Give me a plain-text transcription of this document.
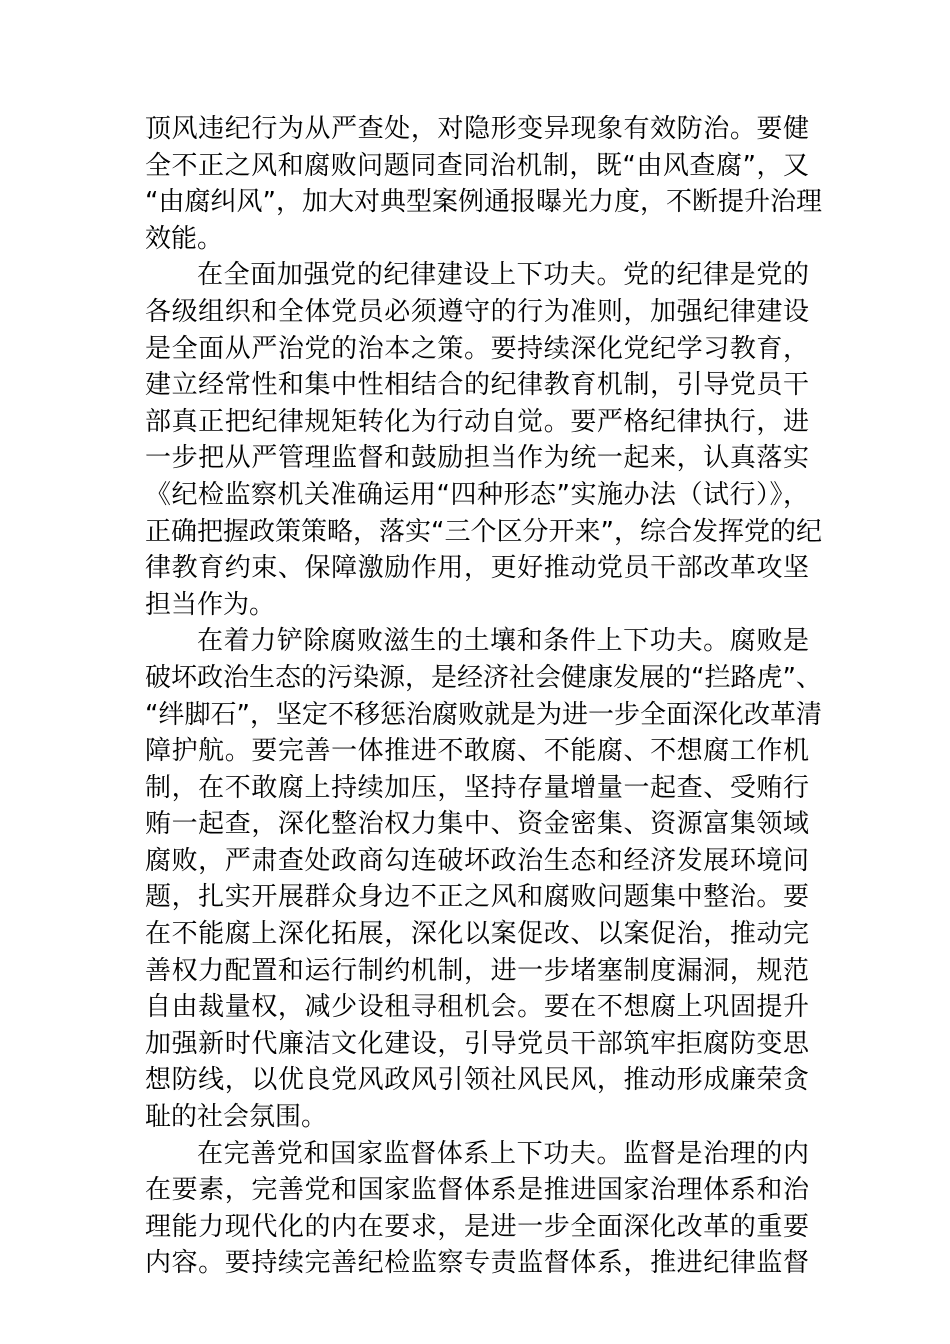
顶风违纪行为从严查处，对隐形变异现象有效防治。要健
全不正之风和腐败问题同查同治机制，既“由风查腐”，又
“由腐纠风”，加大对典型案例通报曝光力度，不断提升治理
效能。
在全面加强党的纪律建设上下功夫。党的纪律是党的
各级组织和全体党员必须遵守的行为准则，加强纪律建设
是全面从严治党的治本之策。要持续深化党纪学习教育，
建立经常性和集中性相结合的纪律教育机制，引导党员干
部真正把纪律规矩转化为行动自觉。要严格纪律执行，进
一步把从严管理监督和鼓励担当作为统一起来，认真落实
《纪检监察机关准确运用“四种形态”实施办法（试行）》，
正确把握政策策略，落实“三个区分开来”，综合发挥党的纪
律教育约束、保障激励作用，更好推动党员干部改革攻坚
担当作为。
在着力铲除腐败滋生的土壤和条件上下功夫。腐败是
破坏政治生态的污染源，是经济社会健康发展的“拦路虎”、
“绊脚石”，坚定不移惩治腐败就是为进一步全面深化改革清
障护航。要完善一体推进不敢腐、不能腐、不想腐工作机
制，在不敢腐上持续加压，坚持存量增量一起查、受贿行
贿一起查，深化整治权力集中、资金密集、资源富集领域
腐败，严肃查处政商勾连破坏政治生态和经济发展环境问
题，扎实开展群众身边不正之风和腐败问题集中整治。要
在不能腐上深化拓展，深化以案促改、以案促治，推动完
善权力配置和运行制约机制，进一步堵塞制度漏洞，规范
自由裁量权，减少设租寻租机会。要在不想腐上巩固提升
加强新时代廉洁文化建设，引导党员干部筑牢拒腐防变思
想防线，以优良党风政风引领社风民风，推动形成廉荣贪
耻的社会氛围。
在完善党和国家监督体系上下功夫。监督是治理的内
在要素，完善党和国家监督体系是推进国家治理体系和治
理能力现代化的内在要求，是进一步全面深化改革的重要
内容。要持续完善纪检监察专责监督体系，推进纪律监督
